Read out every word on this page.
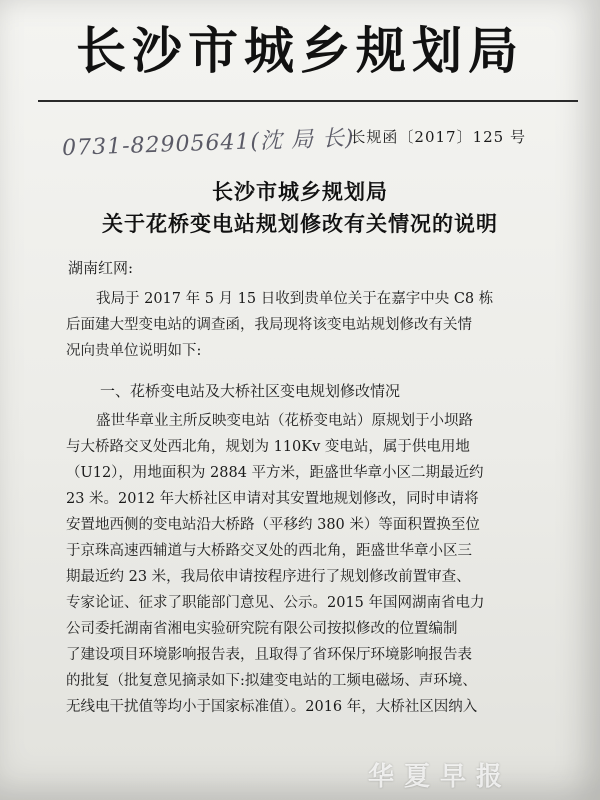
长沙市城乡规划局
0731-82905641(沈 局 长)
长规函〔2017〕125 号
长沙市城乡规划局
关于花桥变电站规划修改有关情况的说明
湖南红网:
我局于 2017 年 5 月 15 日收到贵单位关于在嘉宇中央 C8 栋
后面建大型变电站的调查函，我局现将该变电站规划修改有关情
况向贵单位说明如下:
一、花桥变电站及大桥社区变电规划修改情况
盛世华章业主所反映变电站（花桥变电站）原规划于小坝路
与大桥路交叉处西北角，规划为 110Kv 变电站，属于供电用地
（U12），用地面积为 2884 平方米，距盛世华章小区二期最近约
23 米。2012 年大桥社区申请对其安置地规划修改，同时申请将
安置地西侧的变电站沿大桥路（平移约 380 米）等面积置换至位
于京珠高速西辅道与大桥路交叉处的西北角，距盛世华章小区三
期最近约 23 米，我局依申请按程序进行了规划修改前置审查、
专家论证、征求了职能部门意见、公示。2015 年国网湖南省电力
公司委托湖南省湘电实验研究院有限公司按拟修改的位置编制
了建设项目环境影响报告表，且取得了省环保厅环境影响报告表
的批复（批复意见摘录如下:拟建变电站的工频电磁场、声环境、
无线电干扰值等均小于国家标准值）。2016 年，大桥社区因纳入
华夏早报
